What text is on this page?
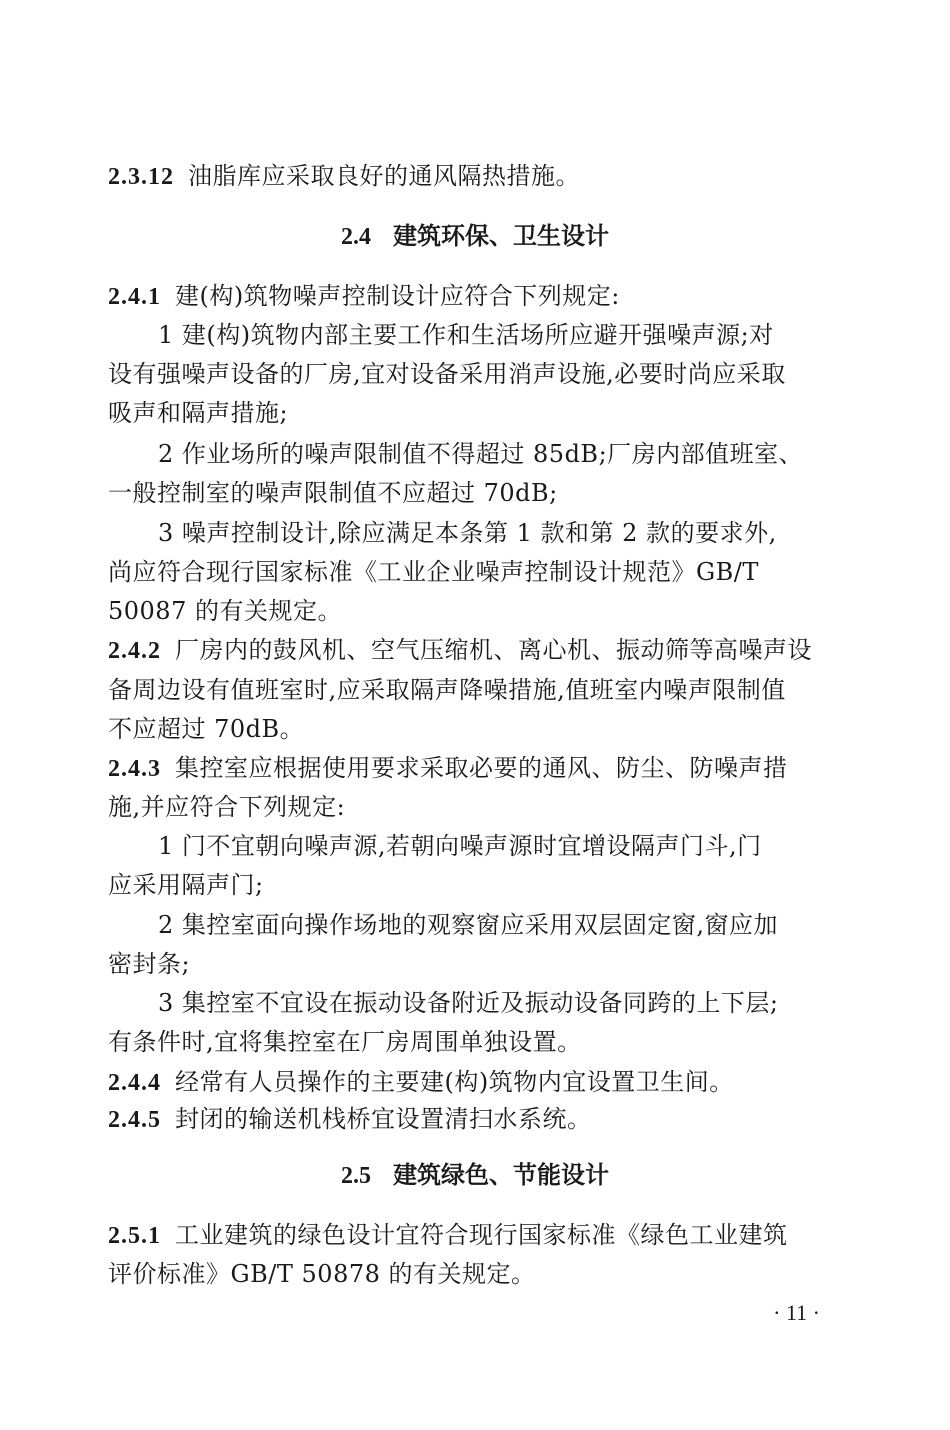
2.3.12 油脂库应采取良好的通风隔热措施。
2.4 建筑环保、卫生设计
2.4.1 建(构)筑物噪声控制设计应符合下列规定:
1 建(构)筑物内部主要工作和生活场所应避开强噪声源;对
设有强噪声设备的厂房,宜对设备采用消声设施,必要时尚应采取
吸声和隔声措施;
2 作业场所的噪声限制值不得超过 85dB;厂房内部值班室、
一般控制室的噪声限制值不应超过 70dB;
3 噪声控制设计,除应满足本条第 1 款和第 2 款的要求外,
尚应符合现行国家标准《工业企业噪声控制设计规范》GB/T
50087 的有关规定。
2.4.2 厂房内的鼓风机、空气压缩机、离心机、振动筛等高噪声设
备周边设有值班室时,应采取隔声降噪措施,值班室内噪声限制值
不应超过 70dB。
2.4.3 集控室应根据使用要求采取必要的通风、防尘、防噪声措
施,并应符合下列规定:
1 门不宜朝向噪声源,若朝向噪声源时宜增设隔声门斗,门
应采用隔声门;
2 集控室面向操作场地的观察窗应采用双层固定窗,窗应加
密封条;
3 集控室不宜设在振动设备附近及振动设备同跨的上下层;
有条件时,宜将集控室在厂房周围单独设置。
2.4.4 经常有人员操作的主要建(构)筑物内宜设置卫生间。
2.4.5 封闭的输送机栈桥宜设置清扫水系统。
2.5 建筑绿色、节能设计
2.5.1 工业建筑的绿色设计宜符合现行国家标准《绿色工业建筑
评价标准》GB/T 50878 的有关规定。
· 11 ·
